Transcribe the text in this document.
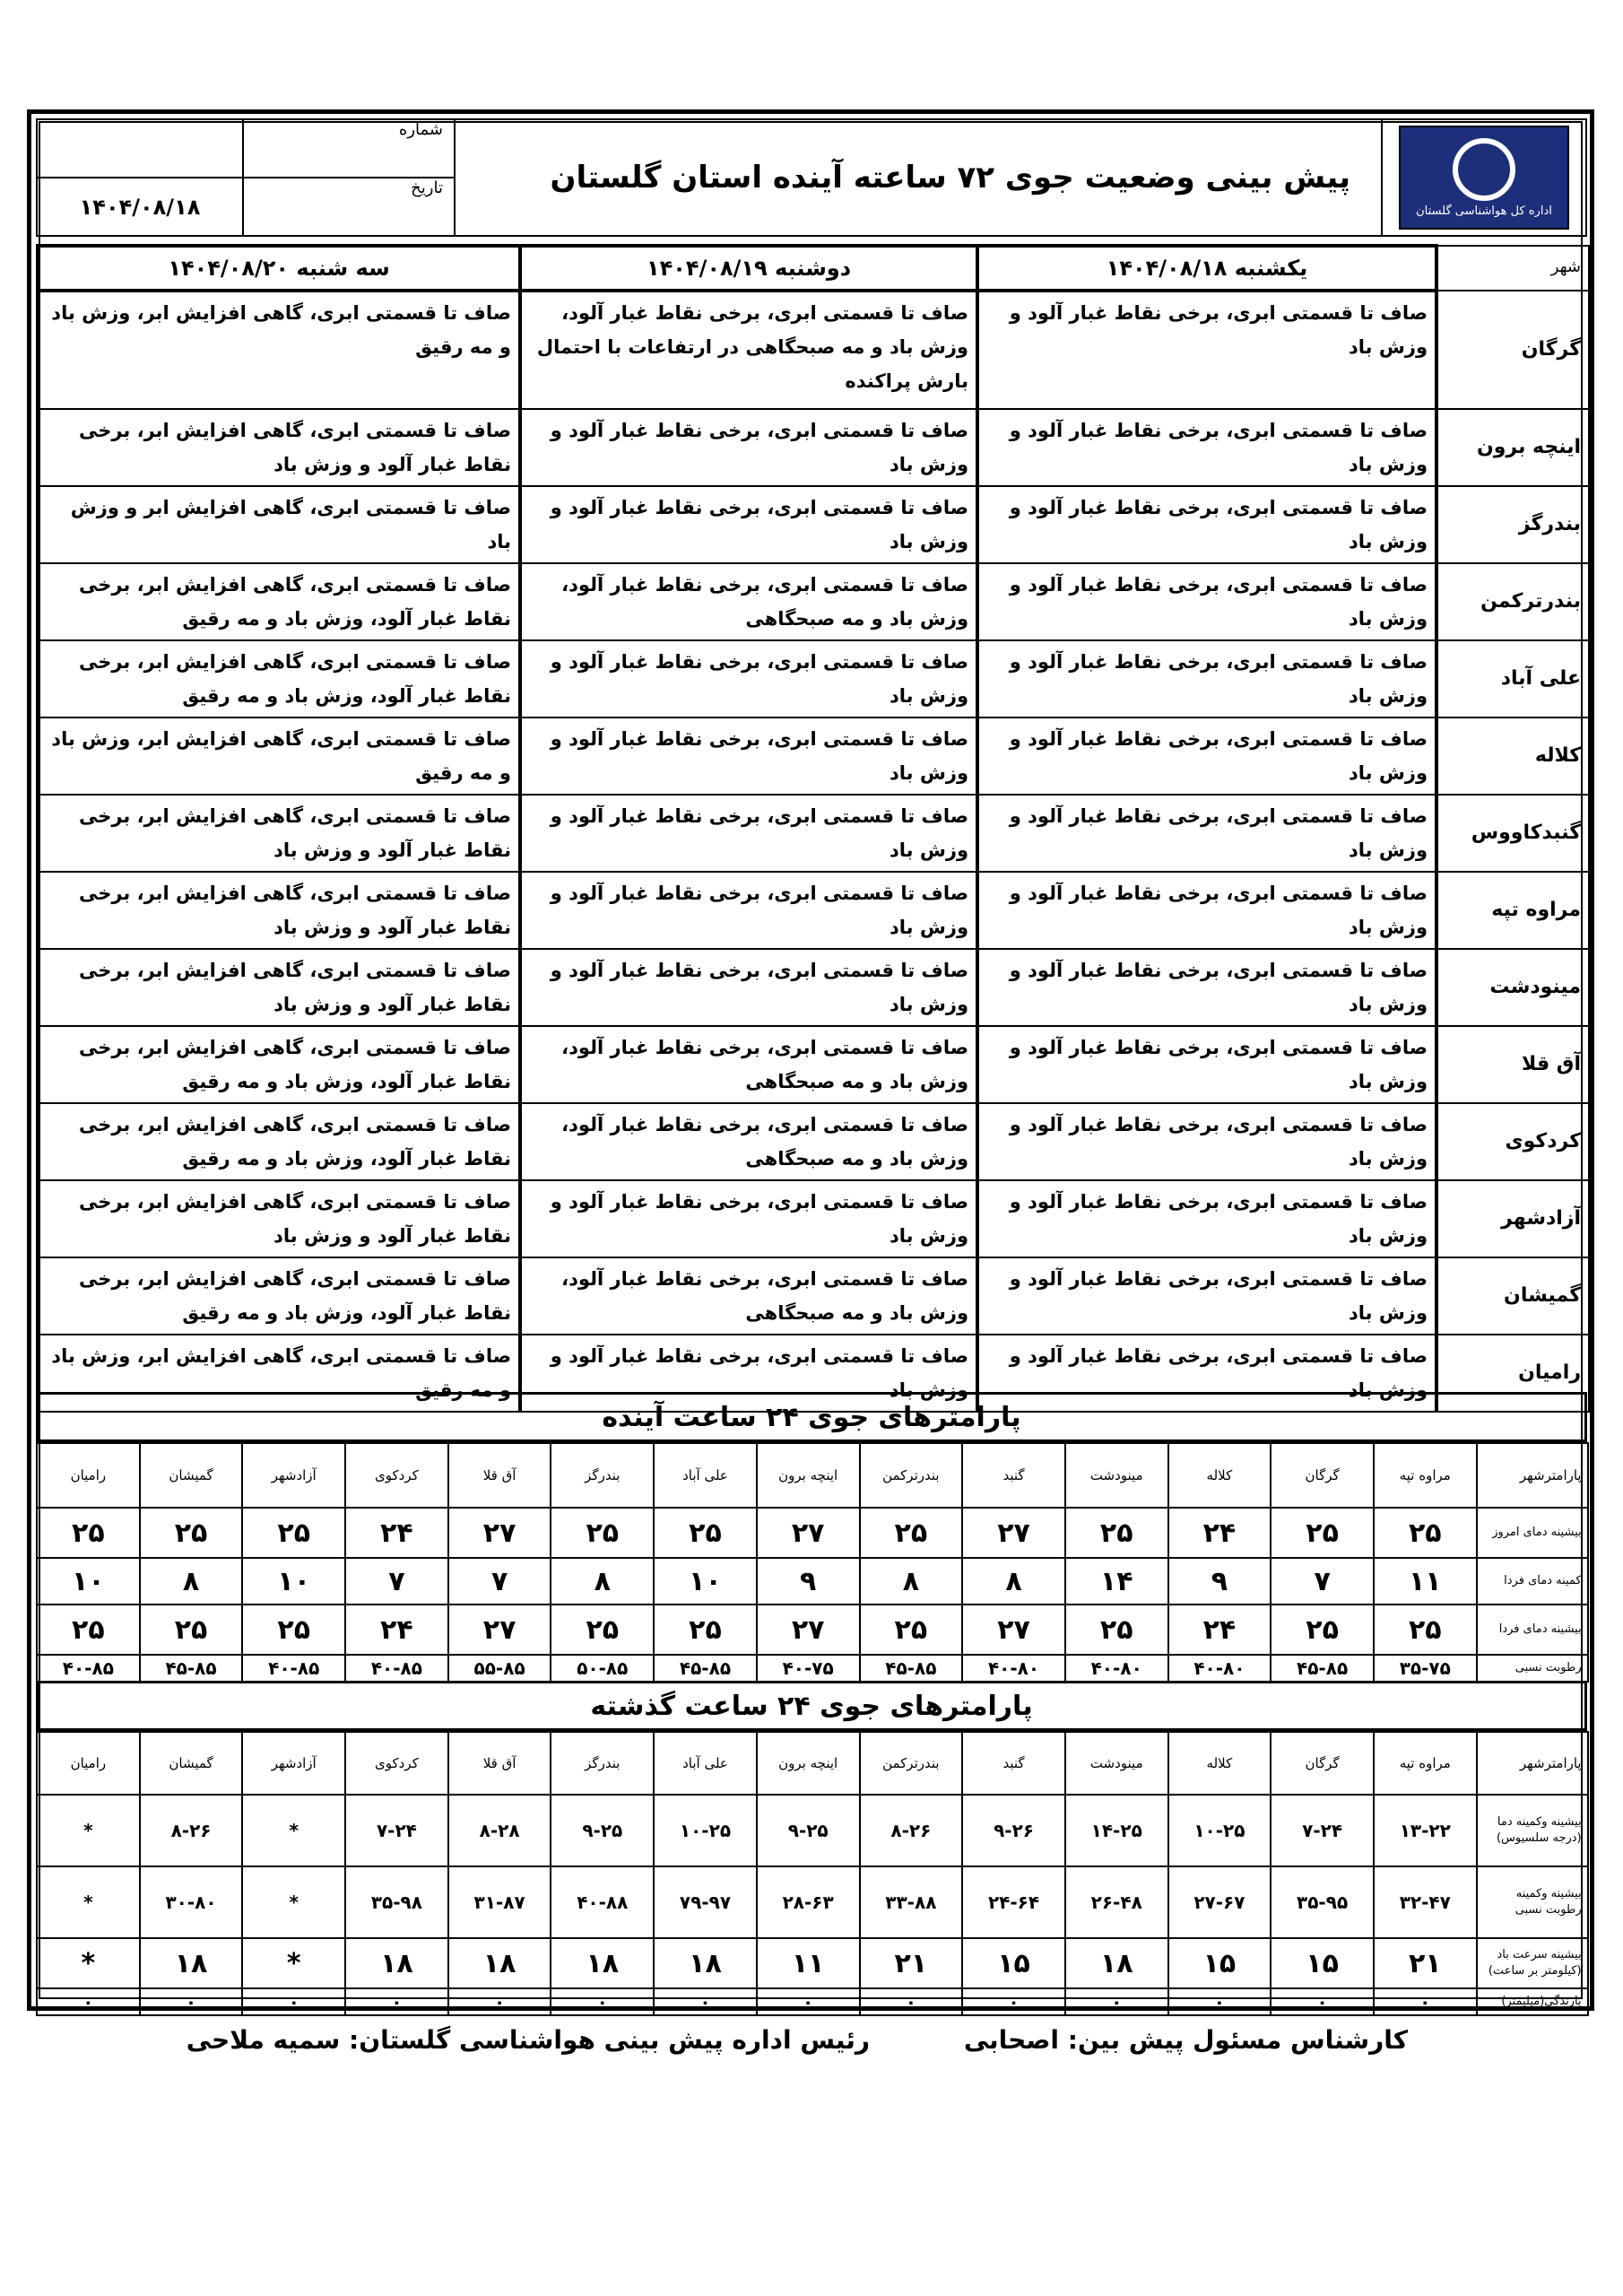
اداره کل هواشناسی گلستان	پیش بینی وضعیت جوی ۷۲ ساعته آینده استان گلستان	شماره	
		تاریخ	۱۴۰۴/۰۸/۱۸
شهر	یکشنبه ۱۴۰۴/۰۸/۱۸	دوشنبه ۱۴۰۴/۰۸/۱۹	سه شنبه ۱۴۰۴/۰۸/۲۰
گرگان	صاف تا قسمتی ابری، برخی نقاط غبار آلود و وزش باد	صاف تا قسمتی ابری، برخی نقاط غبار آلود، وزش باد و مه صبحگاهی در ارتفاعات با احتمال بارش پراکنده	صاف تا قسمتی ابری، گاهی افزایش ابر، وزش باد و مه رقیق
اینچه برون	صاف تا قسمتی ابری، برخی نقاط غبار آلود و وزش باد	صاف تا قسمتی ابری، برخی نقاط غبار آلود و وزش باد	صاف تا قسمتی ابری، گاهی افزایش ابر، برخی نقاط غبار آلود و وزش باد
بندرگز	صاف تا قسمتی ابری، برخی نقاط غبار آلود و وزش باد	صاف تا قسمتی ابری، برخی نقاط غبار آلود و وزش باد	صاف تا قسمتی ابری، گاهی افزایش ابر و وزش باد
بندرترکمن	صاف تا قسمتی ابری، برخی نقاط غبار آلود و وزش باد	صاف تا قسمتی ابری، برخی نقاط غبار آلود، وزش باد و مه صبحگاهی	صاف تا قسمتی ابری، گاهی افزایش ابر، برخی نقاط غبار آلود، وزش باد و مه رقیق
علی آباد	صاف تا قسمتی ابری، برخی نقاط غبار آلود و وزش باد	صاف تا قسمتی ابری، برخی نقاط غبار آلود و وزش باد	صاف تا قسمتی ابری، گاهی افزایش ابر، برخی نقاط غبار آلود، وزش باد و مه رقیق
کلاله	صاف تا قسمتی ابری، برخی نقاط غبار آلود و وزش باد	صاف تا قسمتی ابری، برخی نقاط غبار آلود و وزش باد	صاف تا قسمتی ابری، گاهی افزایش ابر، وزش باد و مه رقیق
گنبدکاووس	صاف تا قسمتی ابری، برخی نقاط غبار آلود و وزش باد	صاف تا قسمتی ابری، برخی نقاط غبار آلود و وزش باد	صاف تا قسمتی ابری، گاهی افزایش ابر، برخی نقاط غبار آلود و وزش باد
مراوه تپه	صاف تا قسمتی ابری، برخی نقاط غبار آلود و وزش باد	صاف تا قسمتی ابری، برخی نقاط غبار آلود و وزش باد	صاف تا قسمتی ابری، گاهی افزایش ابر، برخی نقاط غبار آلود و وزش باد
مینودشت	صاف تا قسمتی ابری، برخی نقاط غبار آلود و وزش باد	صاف تا قسمتی ابری، برخی نقاط غبار آلود و وزش باد	صاف تا قسمتی ابری، گاهی افزایش ابر، برخی نقاط غبار آلود و وزش باد
آق قلا	صاف تا قسمتی ابری، برخی نقاط غبار آلود و وزش باد	صاف تا قسمتی ابری، برخی نقاط غبار آلود، وزش باد و مه صبحگاهی	صاف تا قسمتی ابری، گاهی افزایش ابر، برخی نقاط غبار آلود، وزش باد و مه رقیق
کردکوی	صاف تا قسمتی ابری، برخی نقاط غبار آلود و وزش باد	صاف تا قسمتی ابری، برخی نقاط غبار آلود، وزش باد و مه صبحگاهی	صاف تا قسمتی ابری، گاهی افزایش ابر، برخی نقاط غبار آلود، وزش باد و مه رقیق
آزادشهر	صاف تا قسمتی ابری، برخی نقاط غبار آلود و وزش باد	صاف تا قسمتی ابری، برخی نقاط غبار آلود و وزش باد	صاف تا قسمتی ابری، گاهی افزایش ابر، برخی نقاط غبار آلود و وزش باد
گمیشان	صاف تا قسمتی ابری، برخی نقاط غبار آلود و وزش باد	صاف تا قسمتی ابری، برخی نقاط غبار آلود، وزش باد و مه صبحگاهی	صاف تا قسمتی ابری، گاهی افزایش ابر، برخی نقاط غبار آلود، وزش باد و مه رقیق
رامیان	صاف تا قسمتی ابری، برخی نقاط غبار آلود و وزش باد	صاف تا قسمتی ابری، برخی نقاط غبار آلود و وزش باد	صاف تا قسمتی ابری، گاهی افزایش ابر، وزش باد و مه رقیق
پارامترهای جوی ۲۴ ساعت آینده
پارامترشهر	مراوه تپه	گرگان	کلاله	مینودشت	گنبد	بندرترکمن	اینچه برون	علی آباد	بندرگز	آق قلا	کردکوی	آزادشهر	گمیشان	رامیان
بیشینه دمای امروز	۲۵	۲۵	۲۴	۲۵	۲۷	۲۵	۲۷	۲۵	۲۵	۲۷	۲۴	۲۵	۲۵	۲۵
کمینه دمای فردا	۱۱	۷	۹	۱۴	۸	۸	۹	۱۰	۸	۷	۷	۱۰	۸	۱۰
بیشینه دمای فردا	۲۵	۲۵	۲۴	۲۵	۲۷	۲۵	۲۷	۲۵	۲۵	۲۷	۲۴	۲۵	۲۵	۲۵
رطوبت نسبی	۳۵-۷۵	۴۵-۸۵	۴۰-۸۰	۴۰-۸۰	۴۰-۸۰	۴۵-۸۵	۴۰-۷۵	۴۵-۸۵	۵۰-۸۵	۵۵-۸۵	۴۰-۸۵	۴۰-۸۵	۴۵-۸۵	۴۰-۸۵
پارامترهای جوی ۲۴ ساعت گذشته
پارامترشهر	مراوه تپه	گرگان	کلاله	مینودشت	گنبد	بندرترکمن	اینچه برون	علی آباد	بندرگز	آق قلا	کردکوی	آزادشهر	گمیشان	رامیان
بیشینه وکمینه دما (درجه سلسیوس)	۱۳-۲۲	۷-۲۴	۱۰-۲۵	۱۴-۲۵	۹-۲۶	۸-۲۶	۹-۲۵	۱۰-۲۵	۹-۲۵	۸-۲۸	۷-۲۴	*	۸-۲۶	*
بیشینه وکمینه رطوبت نسبی	۳۲-۴۷	۳۵-۹۵	۲۷-۶۷	۲۶-۴۸	۲۴-۶۴	۳۳-۸۸	۲۸-۶۳	۷۹-۹۷	۴۰-۸۸	۳۱-۸۷	۳۵-۹۸	*	۳۰-۸۰	*
بیشینه سرعت باد (کیلومتر بر ساعت)	۲۱	۱۵	۱۵	۱۸	۱۵	۲۱	۱۱	۱۸	۱۸	۱۸	۱۸	*	۱۸	*
بارندگی(میلیمتر)	۰	۰	۰	۰	۰	۰	۰	۰	۰	۰	۰	۰	۰	۰
کارشناس مسئول پیش بین: اصحابی
رئیس اداره پیش بینی هواشناسی گلستان: سمیه ملاحی
